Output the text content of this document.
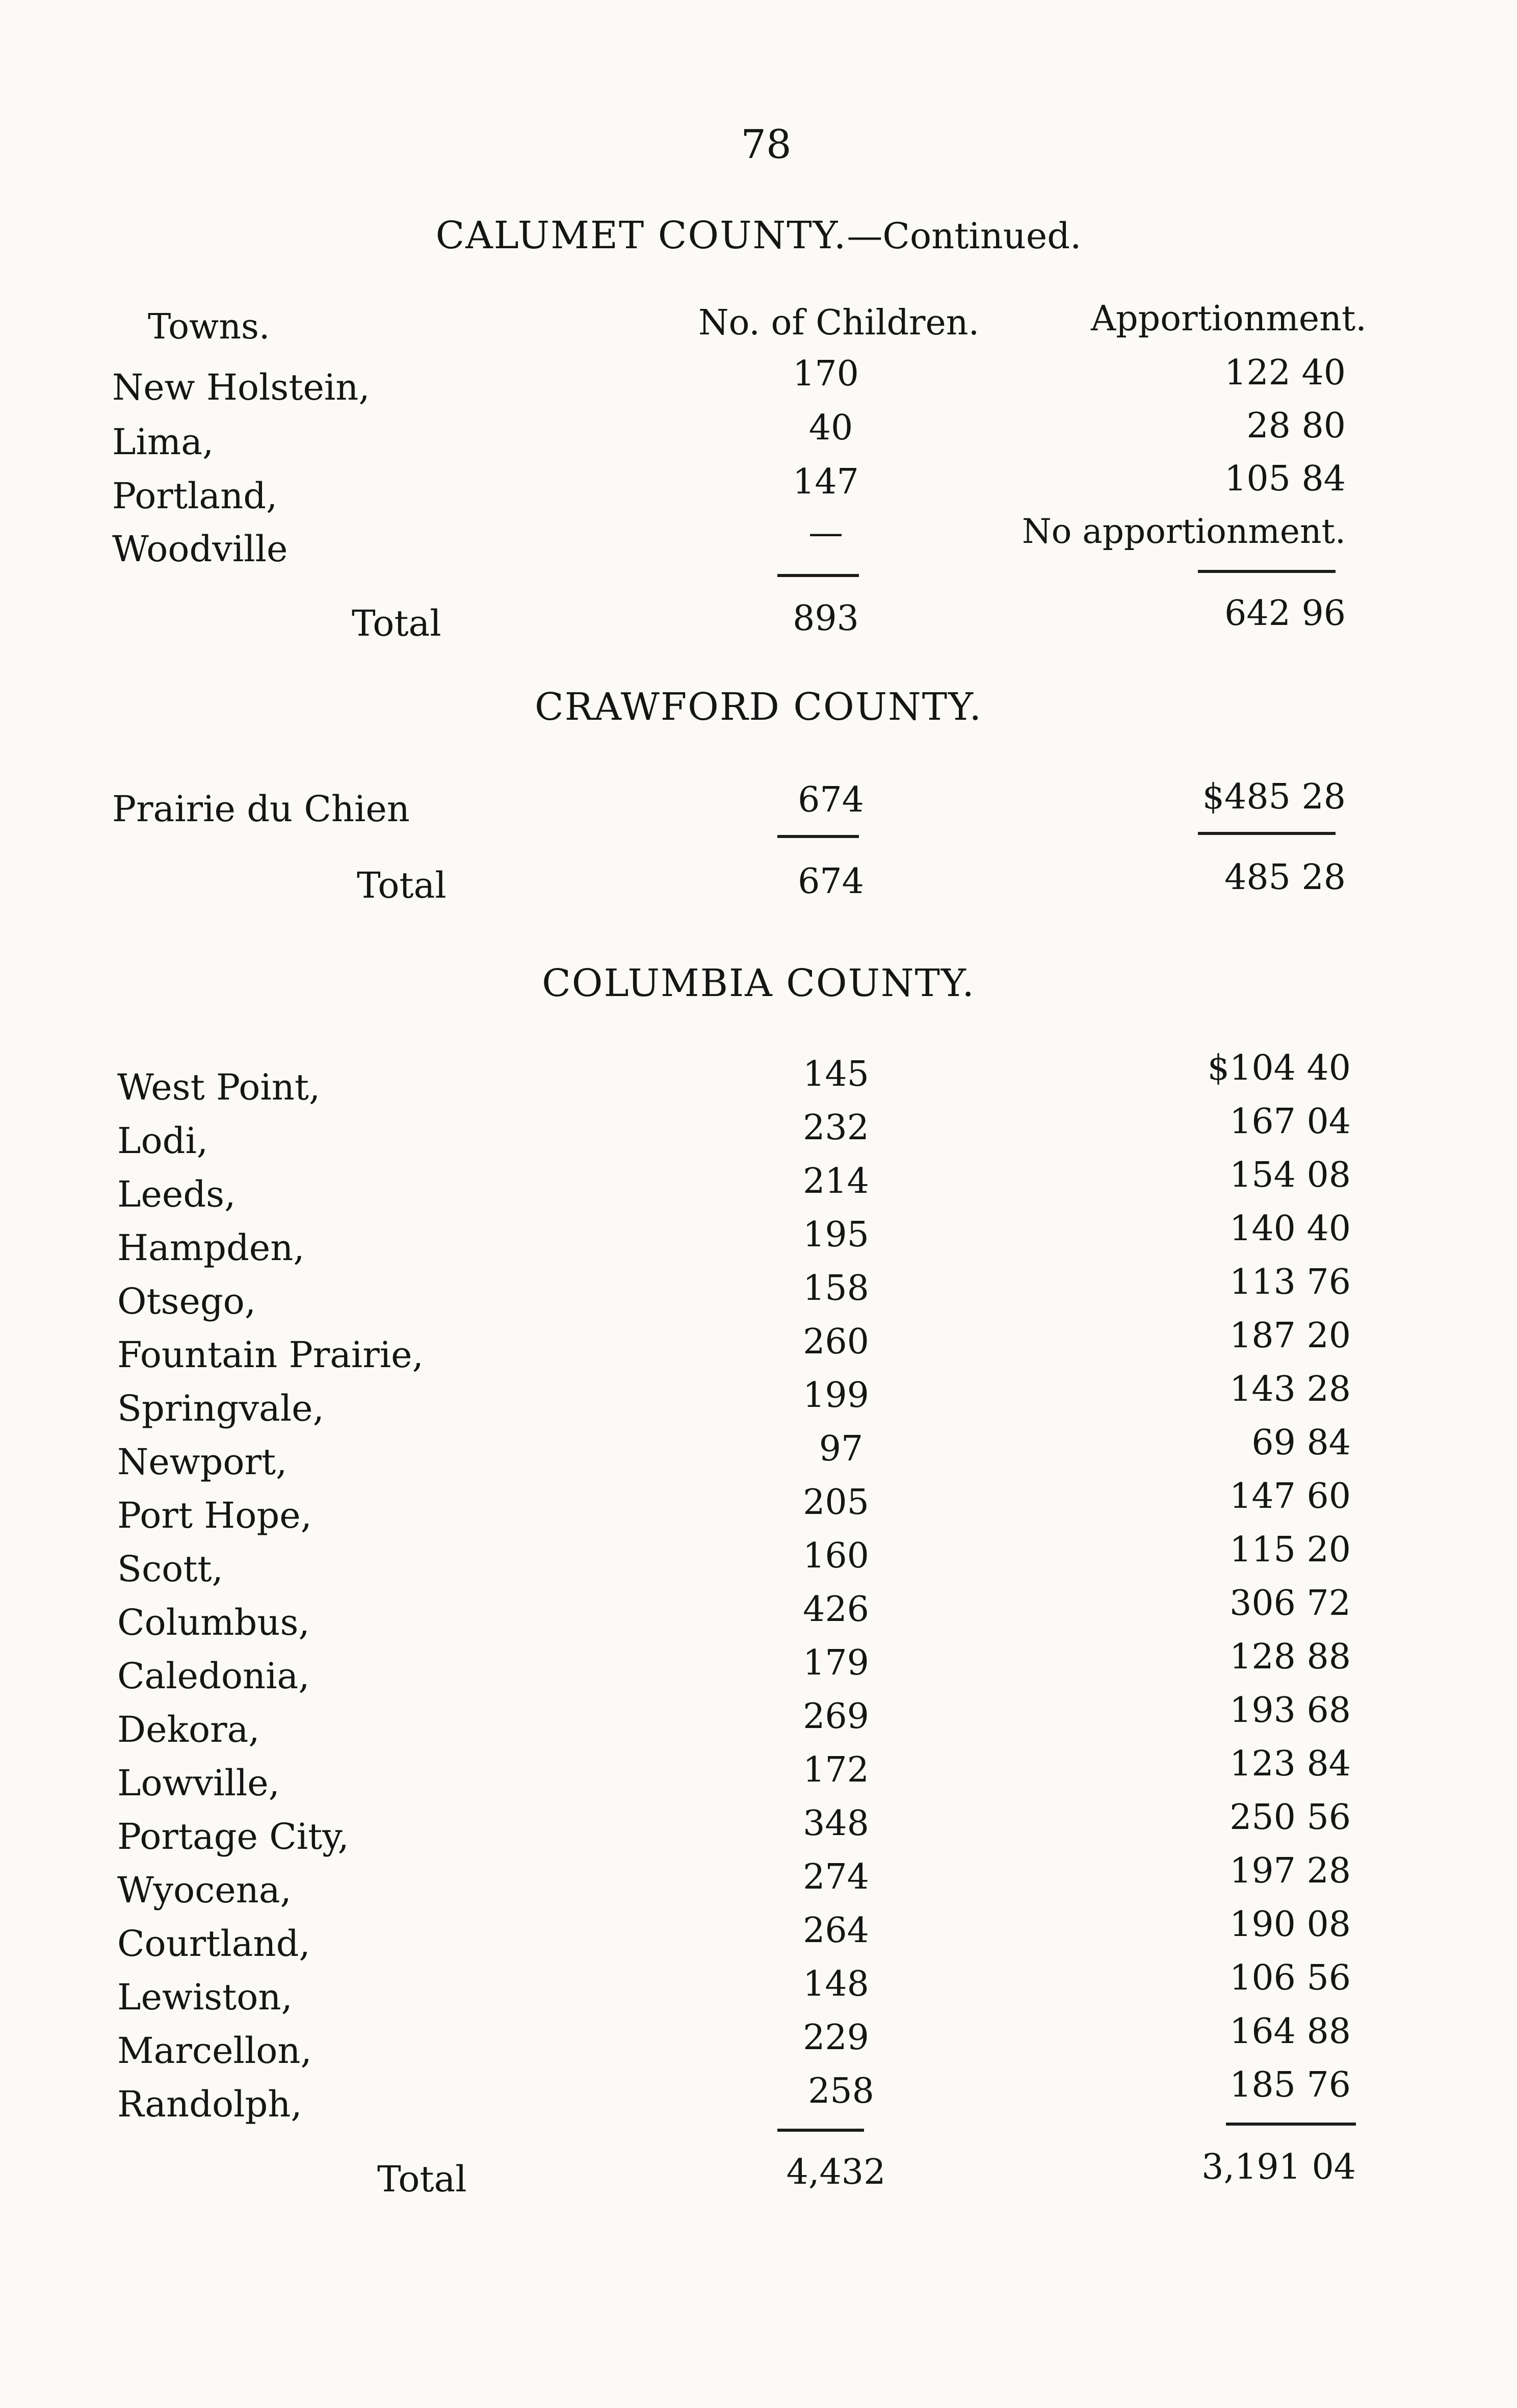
78
CALUMET COUNTY.—Continued.
Towns.	No. of Children.	Apportionment.
New Holstein,	170	122 40
Lima,	40	28 80
Portland,	147	105 84
Woodville	—	No apportionment.
Total	893	642 96
CRAWFORD COUNTY.
Prairie du Chien	674	$485 28
Total	674	485 28
COLUMBIA COUNTY.
West Point,	145	$104 40
Lodi,	232	167 04
Leeds,	214	154 08
Hampden,	195	140 40
Otsego,	158	113 76
Fountain Prairie,	260	187 20
Springvale,	199	143 28
Newport,	97	69 84
Port Hope,	205	147 60
Scott,	160	115 20
Columbus,	426	306 72
Caledonia,	179	128 88
Dekora,	269	193 68
Lowville,	172	123 84
Portage City,	348	250 56
Wyocena,	274	197 28
Courtland,	264	190 08
Lewiston,	148	106 56
Marcellon,	229	164 88
Randolph,	258	185 76
Total	4,432	3,191 04
